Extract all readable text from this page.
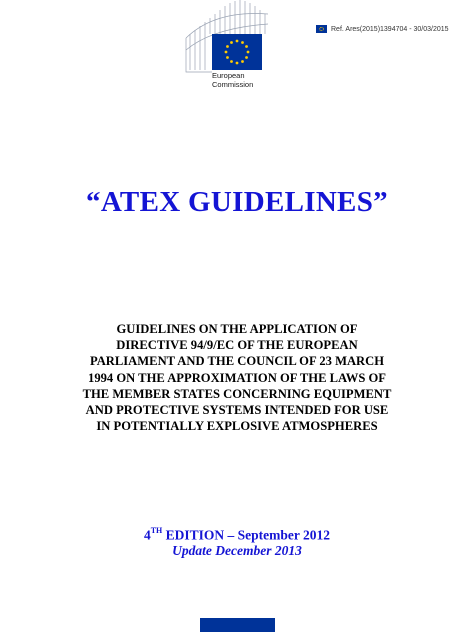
Ref. Ares(2015)1394704 - 30/03/2015
European
Commission
“ATEX GUIDELINES”
GUIDELINES ON THE APPLICATION OF
DIRECTIVE 94/9/EC OF THE EUROPEAN
PARLIAMENT AND THE COUNCIL OF 23 MARCH
1994 ON THE APPROXIMATION OF THE LAWS OF
THE MEMBER STATES CONCERNING EQUIPMENT
AND PROTECTIVE SYSTEMS INTENDED FOR USE
IN POTENTIALLY EXPLOSIVE ATMOSPHERES
4TH EDITION – September 2012
Update December 2013
